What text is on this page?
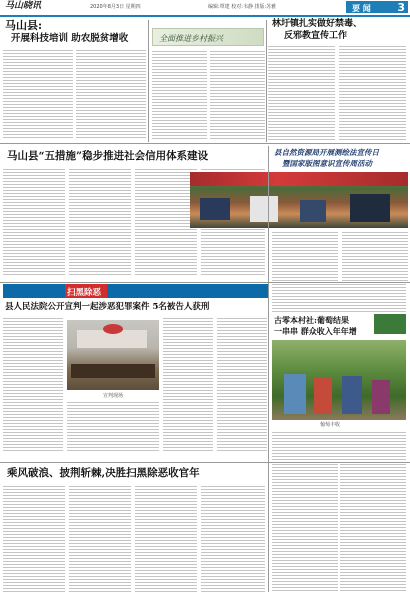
马山晓讯	2020年8月3日 星期四	编辑:覃建 校对:韦静 排版:苏雅	要 闻 3
马山县:
开展科技培训 助农脱贫增收	全面推进乡村振兴
林圩镇扎实做好禁毒、
反邪教宣传工作
马山县“五措施”稳步推进社会信用体系建设	县自然资源局开展测绘法宣传日
暨国家版图意识宣传周活动
扫黑除恶
县人民法院公开宣判一起涉恶犯罪案件 5名被告人获刑
宣判现场
古零本村社:葡萄结果
一串串 群众收入年年增
葡萄丰收
乘风破浪、披荆斩棘,决胜扫黑除恶收官年
